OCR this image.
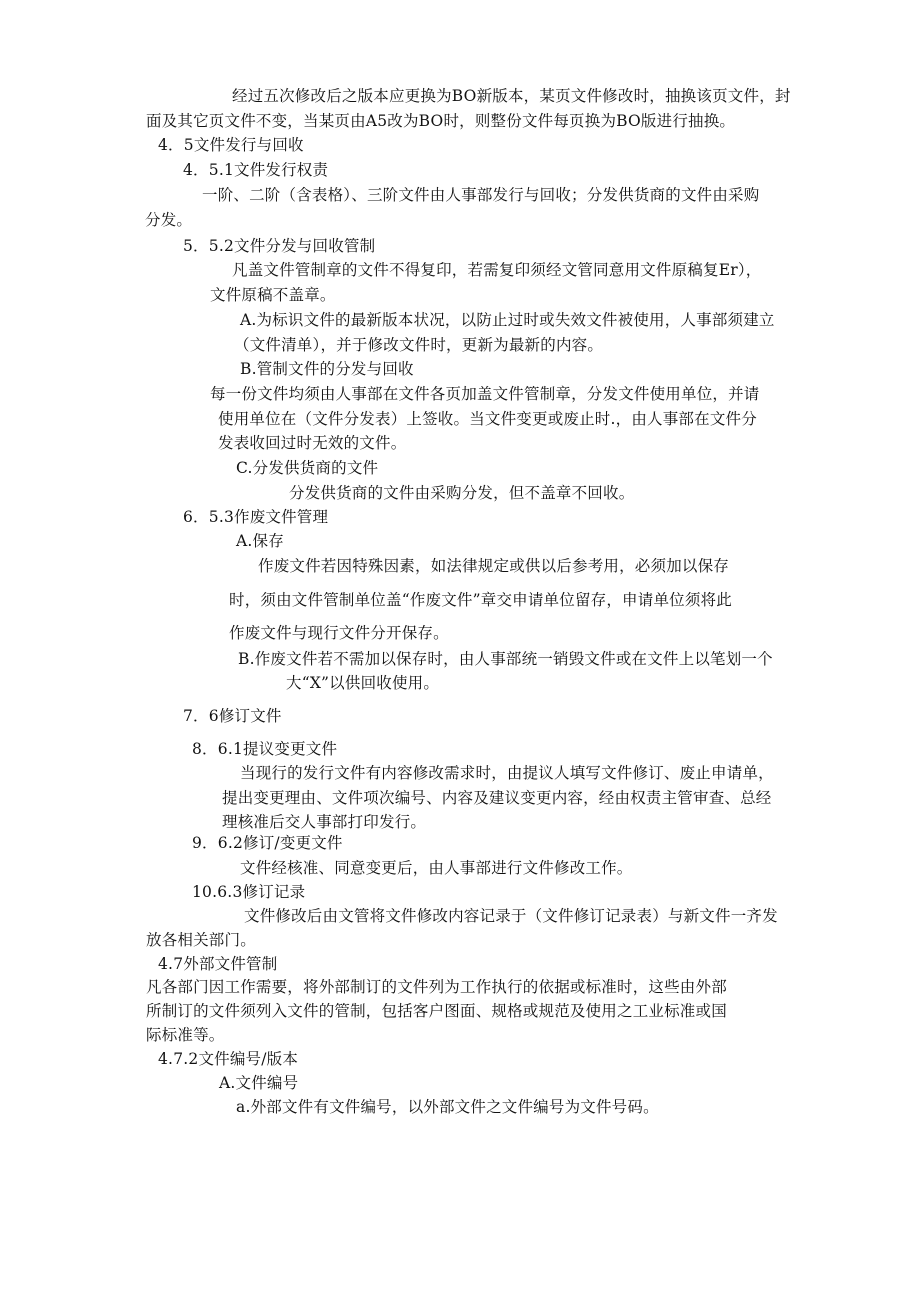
经过五次修改后之版本应更换为BO新版本，某页文件修改时，抽换该页文件，封
面及其它页文件不变，当某页由A5改为BO时，则整份文件每页换为BO版进行抽换。
4．5文件发行与回收
4．5.1文件发行权责
一阶、二阶（含表格）、三阶文件由人事部发行与回收；分发供货商的文件由采购
分发。
5．5.2文件分发与回收管制
凡盖文件管制章的文件不得复印，若需复印须经文管同意用文件原稿复Er），
文件原稿不盖章。
A.为标识文件的最新版本状况，以防止过时或失效文件被使用，人事部须建立
（文件清单），并于修改文件时，更新为最新的内容。
B.管制文件的分发与回收
每一份文件均须由人事部在文件各页加盖文件管制章，分发文件使用单位，并请
使用单位在（文件分发表）上签收。当文件变更或废止时.，由人事部在文件分
发表收回过时无效的文件。
C.分发供货商的文件
分发供货商的文件由采购分发，但不盖章不回收。
6．5.3作废文件管理
A.保存
作废文件若因特殊因素，如法律规定或供以后参考用，必须加以保存
时，须由文件管制单位盖“作废文件”章交申请单位留存，申请单位须将此
作废文件与现行文件分开保存。
B.作废文件若不需加以保存时，由人事部统一销毁文件或在文件上以笔划一个
大“X”以供回收使用。
7．6修订文件
8．6.1提议变更文件
当现行的发行文件有内容修改需求时，由提议人填写文件修订、废止申请单，
提出变更理由、文件项次编号、内容及建议变更内容，经由权责主管审查、总经
理核准后交人事部打印发行。
9．6.2修订/变更文件
文件经核准、同意变更后，由人事部进行文件修改工作。
10.6.3修订记录
文件修改后由文管将文件修改内容记录于（文件修订记录表）与新文件一齐发
放各相关部门。
4.7外部文件管制
凡各部门因工作需要，将外部制订的文件列为工作执行的依据或标准时，这些由外部
所制订的文件须列入文件的管制，包括客户图面、规格或规范及使用之工业标准或国
际标准等。
4.7.2文件编号/版本
A.文件编号
a.外部文件有文件编号，以外部文件之文件编号为文件号码。
